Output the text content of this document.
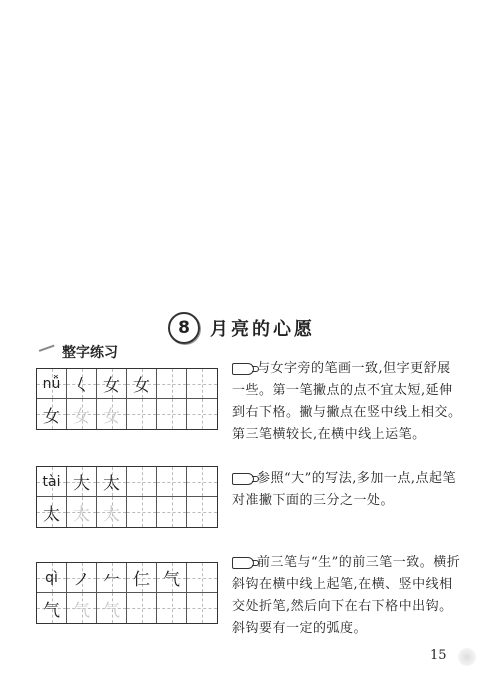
8	月亮的心愿
整字练习
nǚ 𡿨 女 女
女 女 女
与女字旁的笔画一致,但字更舒展一些。第一笔撇点的点不宜太短,延伸到右下格。撇与撇点在竖中线上相交。第三笔横较长,在横中线上运笔。
tài 大 太
太 太 太
参照“大”的写法,多加一点,点起笔对准撇下面的三分之一处。
qì ノ 𠂉 仁 气
气 气 气
前三笔与“生”的前三笔一致。横折斜钩在横中线上起笔,在横、竖中线相交处折笔,然后向下在右下格中出钩。斜钩要有一定的弧度。
15
